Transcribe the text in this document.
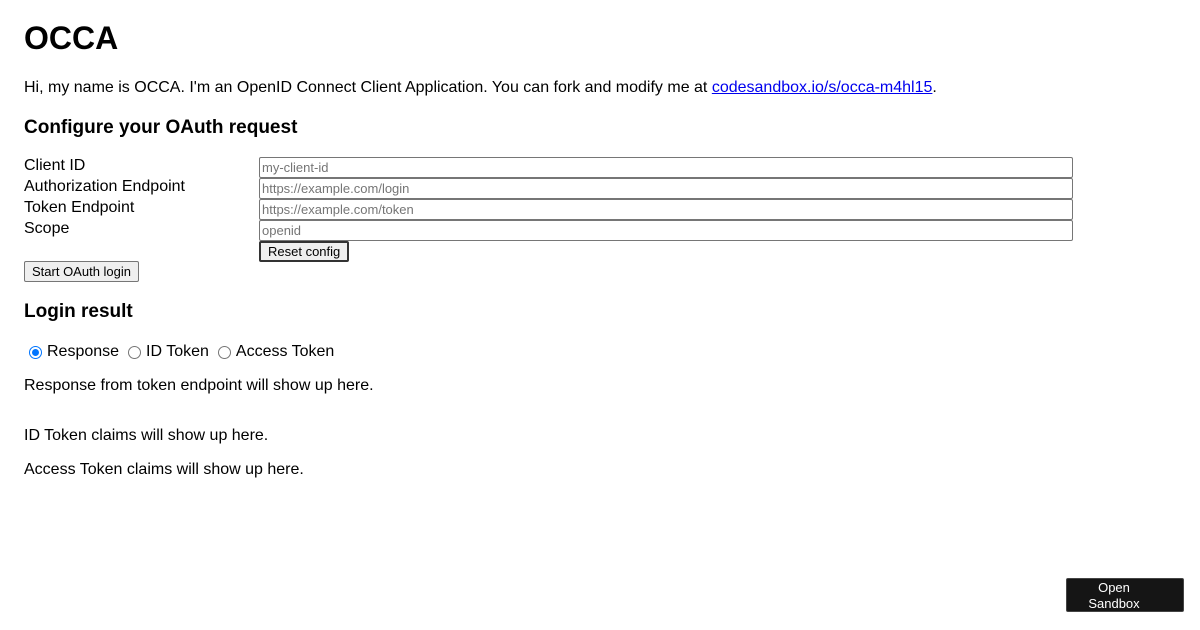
OCCA

Hi, my name is OCCA. I'm an OpenID Connect Client Application. You can fork and modify me at codesandbox.io/s/occa-m4hl15.

Configure your OAuth request
Client ID
my-client-id
Authorization Endpoint
https://example.com/login
Token Endpoint
https://example.com/token
Scope
openid
Reset config
Start OAuth login
Login result
Response ID Token Access Token

Response from token endpoint will show up here.

ID Token claims will show up here.

Access Token claims will show up here.

Open Sandbox
